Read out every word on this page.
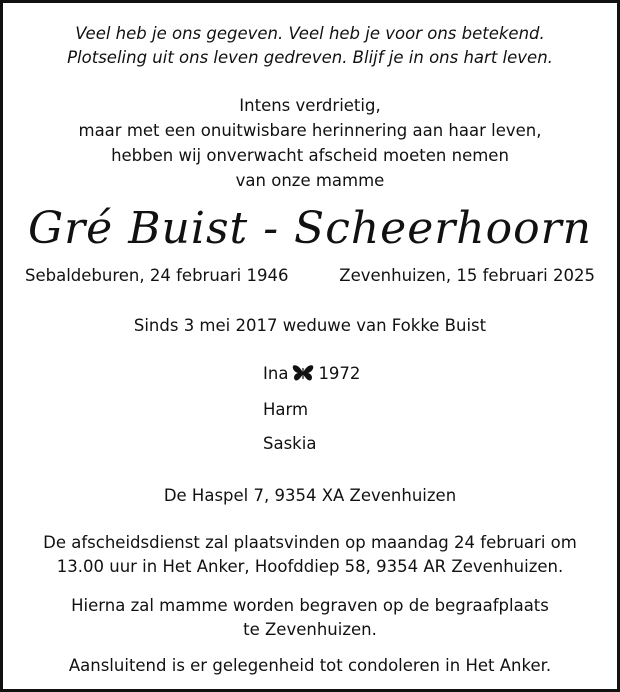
Veel heb je ons gegeven. Veel heb je voor ons betekend.
Plotseling uit ons leven gedreven. Blijf je in ons hart leven.
Intens verdrietig,
maar met een onuitwisbare herinnering aan haar leven,
hebben wij onverwacht afscheid moeten nemen
van onze mamme
Gré Buist - Scheerhoorn
Sebaldeburen, 24 februari 1946	Zevenhuizen, 15 februari 2025
Sinds 3 mei 2017 weduwe van Fokke Buist
Ina 1972
Harm
Saskia
De Haspel 7, 9354 XA Zevenhuizen
De afscheidsdienst zal plaatsvinden op maandag 24 februari om
13.00 uur in Het Anker, Hoofddiep 58, 9354 AR Zevenhuizen.
Hierna zal mamme worden begraven op de begraafplaats
te Zevenhuizen.
Aansluitend is er gelegenheid tot condoleren in Het Anker.
